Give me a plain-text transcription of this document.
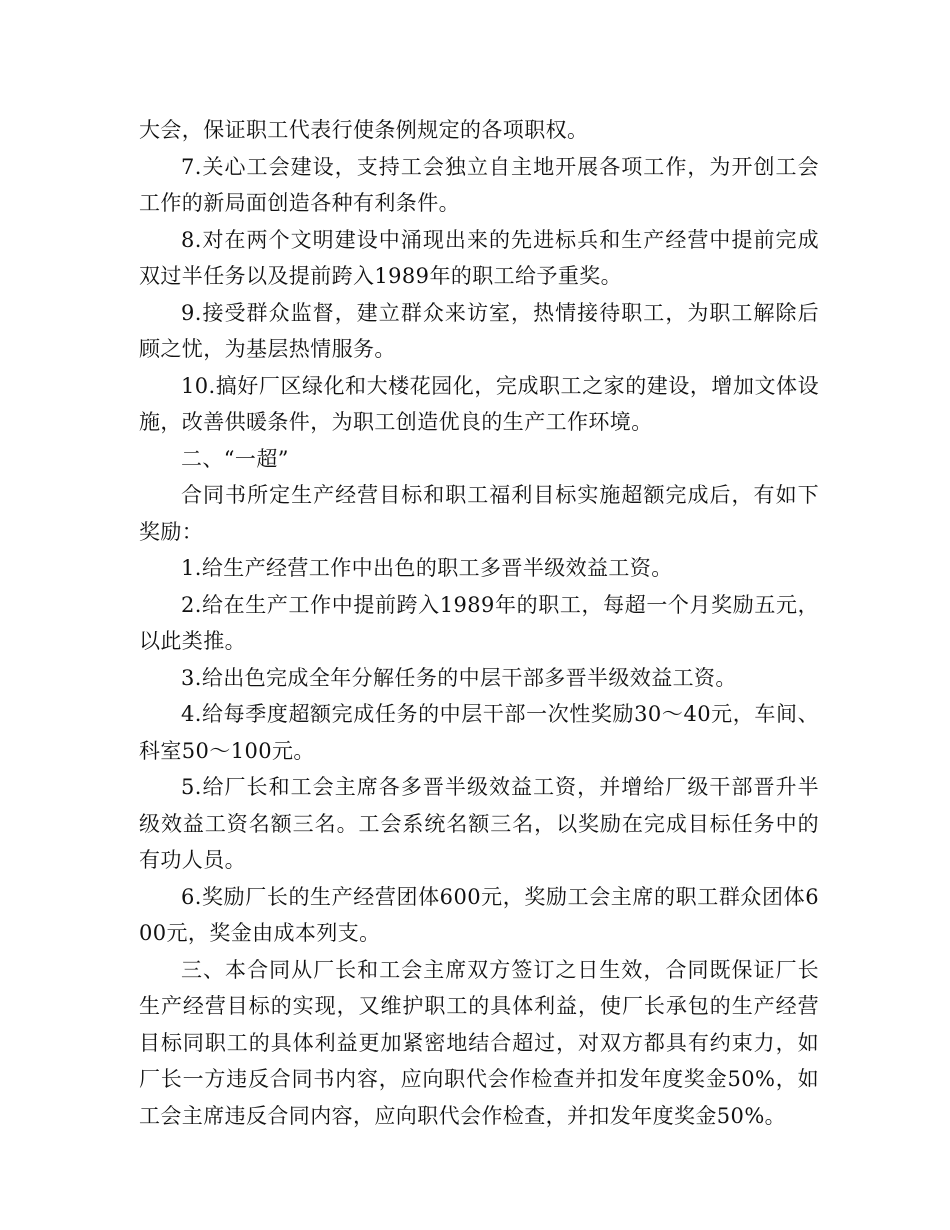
大会，保证职工代表行使条例规定的各项职权。

7.关心工会建设，支持工会独立自主地开展各项工作，为开创工会工作的新局面创造各种有利条件。

8.对在两个文明建设中涌现出来的先进标兵和生产经营中提前完成双过半任务以及提前跨入1989年的职工给予重奖。

9.接受群众监督，建立群众来访室，热情接待职工，为职工解除后顾之忧，为基层热情服务。

10.搞好厂区绿化和大楼花园化，完成职工之家的建设，增加文体设施，改善供暖条件，为职工创造优良的生产工作环境。

二、“一超”

合同书所定生产经营目标和职工福利目标实施超额完成后，有如下奖励：

1.给生产经营工作中出色的职工多晋半级效益工资。

2.给在生产工作中提前跨入1989年的职工，每超一个月奖励五元，以此类推。

3.给出色完成全年分解任务的中层干部多晋半级效益工资。

4.给每季度超额完成任务的中层干部一次性奖励30～40元，车间、科室50～100元。

5.给厂长和工会主席各多晋半级效益工资，并增给厂级干部晋升半级效益工资名额三名。工会系统名额三名，以奖励在完成目标任务中的有功人员。

6.奖励厂长的生产经营团体600元，奖励工会主席的职工群众团体600元，奖金由成本列支。

三、本合同从厂长和工会主席双方签订之日生效，合同既保证厂长生产经营目标的实现，又维护职工的具体利益，使厂长承包的生产经营目标同职工的具体利益更加紧密地结合超过，对双方都具有约束力，如厂长一方违反合同书内容，应向职代会作检查并扣发年度奖金50%，如工会主席违反合同内容，应向职代会作检查，并扣发年度奖金50%。
